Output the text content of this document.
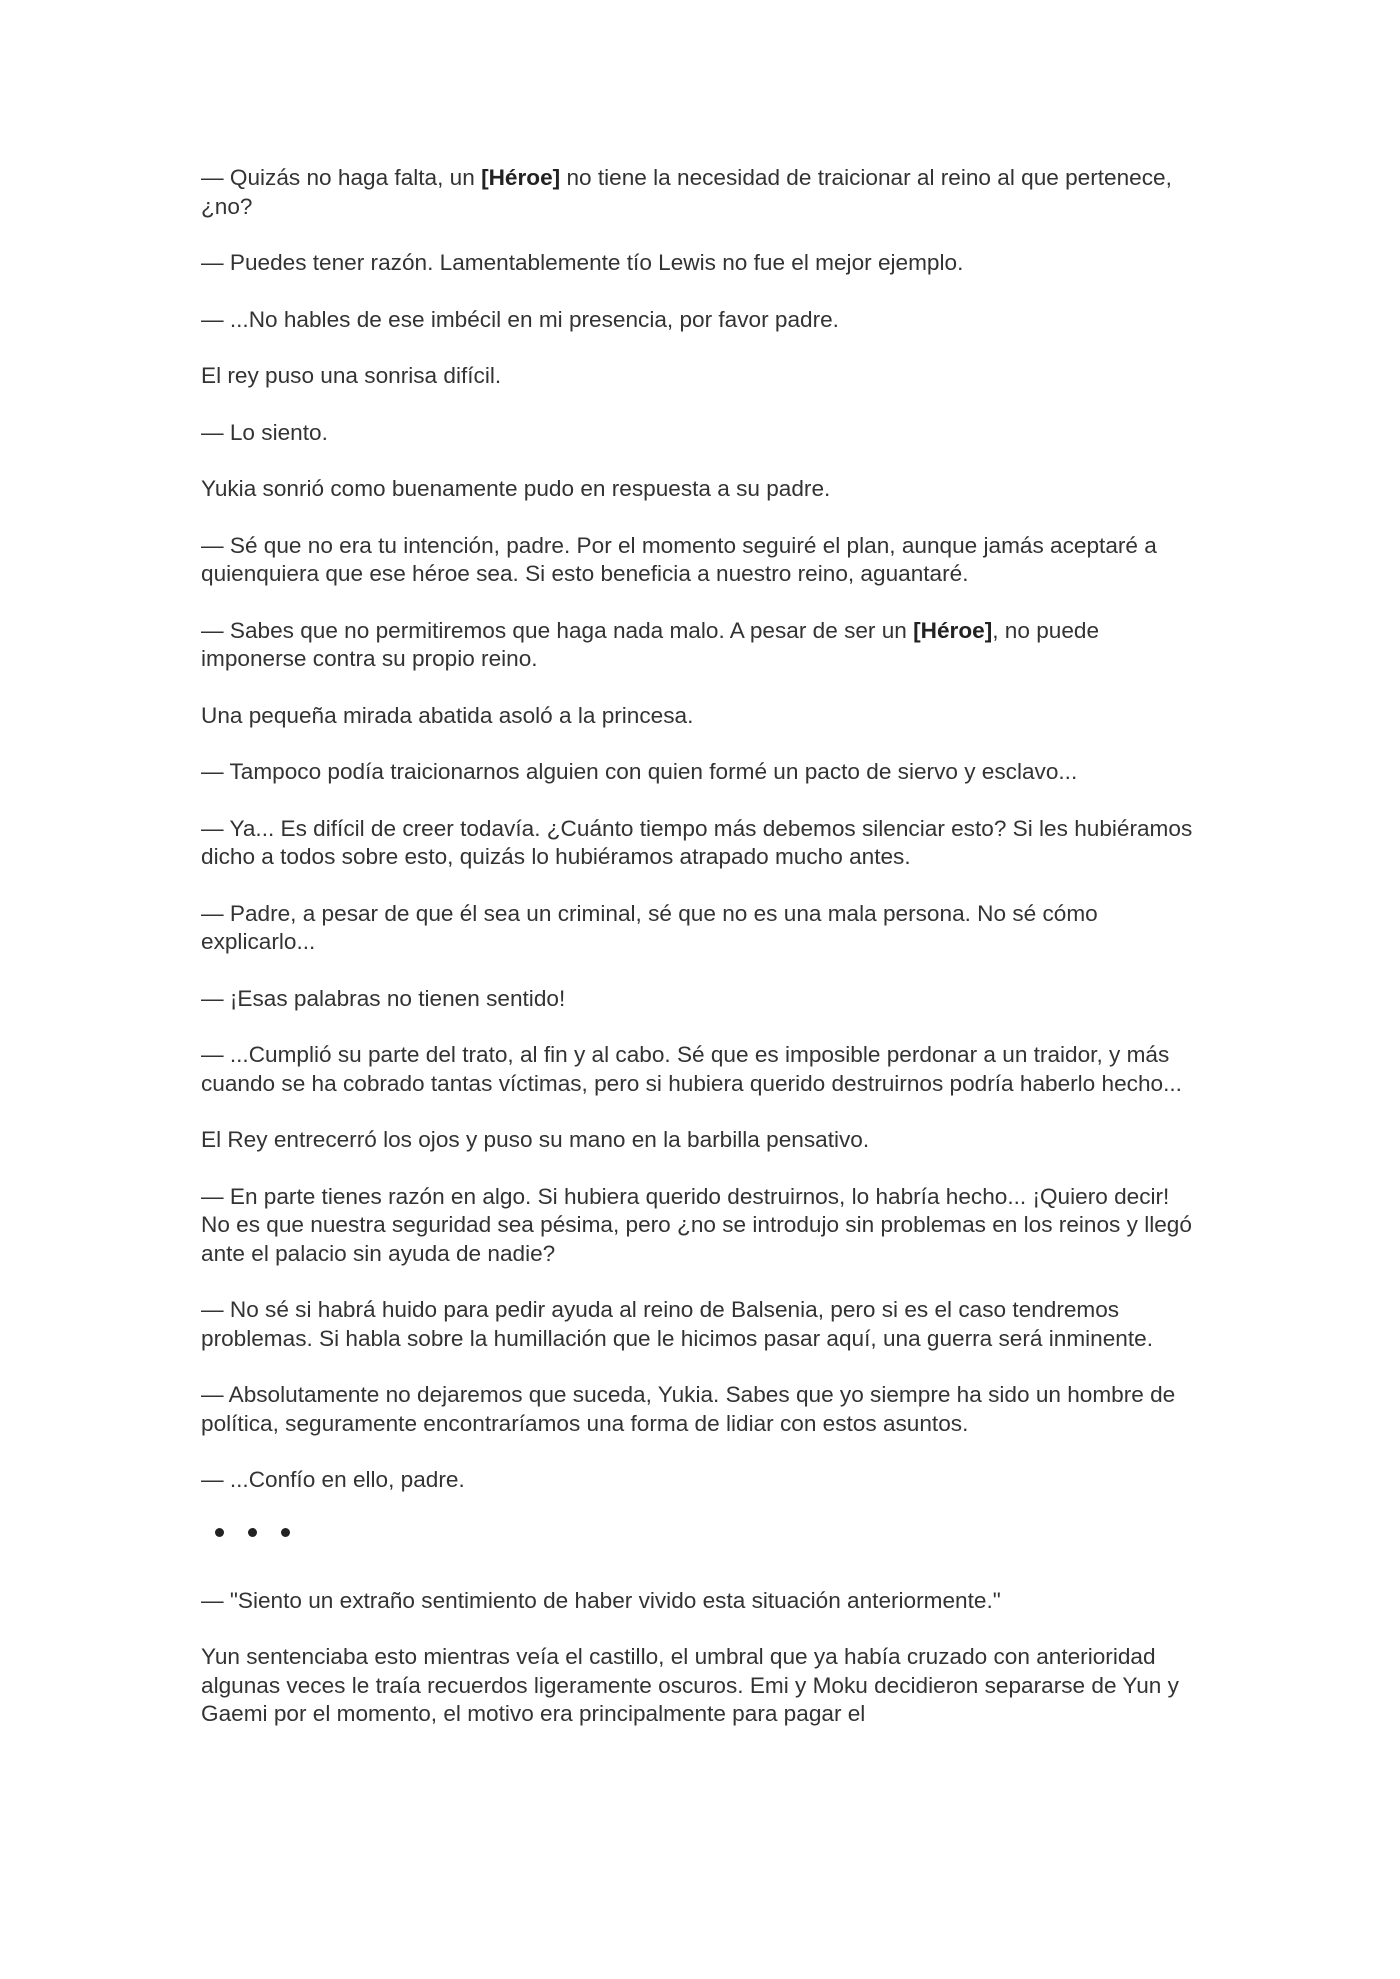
— Quizás no haga falta, un [Héroe] no tiene la necesidad de traicionar al reino al que pertenece, ¿no?

— Puedes tener razón. Lamentablemente tío Lewis no fue el mejor ejemplo.

— ...No hables de ese imbécil en mi presencia, por favor padre.

El rey puso una sonrisa difícil.

— Lo siento.

Yukia sonrió como buenamente pudo en respuesta a su padre.

— Sé que no era tu intención, padre. Por el momento seguiré el plan, aunque jamás aceptaré a quienquiera que ese héroe sea. Si esto beneficia a nuestro reino, aguantaré.

— Sabes que no permitiremos que haga nada malo. A pesar de ser un [Héroe], no puede imponerse contra su propio reino.

Una pequeña mirada abatida asoló a la princesa.

— Tampoco podía traicionarnos alguien con quien formé un pacto de siervo y esclavo...

— Ya... Es difícil de creer todavía. ¿Cuánto tiempo más debemos silenciar esto? Si les hubiéramos dicho a todos sobre esto, quizás lo hubiéramos atrapado mucho antes.

— Padre, a pesar de que él sea un criminal, sé que no es una mala persona. No sé cómo explicarlo...

— ¡Esas palabras no tienen sentido!

— ...Cumplió su parte del trato, al fin y al cabo. Sé que es imposible perdonar a un traidor, y más cuando se ha cobrado tantas víctimas, pero si hubiera querido destruirnos podría haberlo hecho...

El Rey entrecerró los ojos y puso su mano en la barbilla pensativo.

— En parte tienes razón en algo. Si hubiera querido destruirnos, lo habría hecho... ¡Quiero decir! No es que nuestra seguridad sea pésima, pero ¿no se introdujo sin problemas en los reinos y llegó ante el palacio sin ayuda de nadie?

— No sé si habrá huido para pedir ayuda al reino de Balsenia, pero si es el caso tendremos problemas. Si habla sobre la humillación que le hicimos pasar aquí, una guerra será inminente.

— Absolutamente no dejaremos que suceda, Yukia. Sabes que yo siempre ha sido un hombre de política, seguramente encontraríamos una forma de lidiar con estos asuntos.

— ...Confío en ello, padre.

— "Siento un extraño sentimiento de haber vivido esta situación anteriormente."

Yun sentenciaba esto mientras veía el castillo, el umbral que ya había cruzado con anterioridad algunas veces le traía recuerdos ligeramente oscuros. Emi y Moku decidieron separarse de Yun y Gaemi por el momento, el motivo era principalmente para pagar el
